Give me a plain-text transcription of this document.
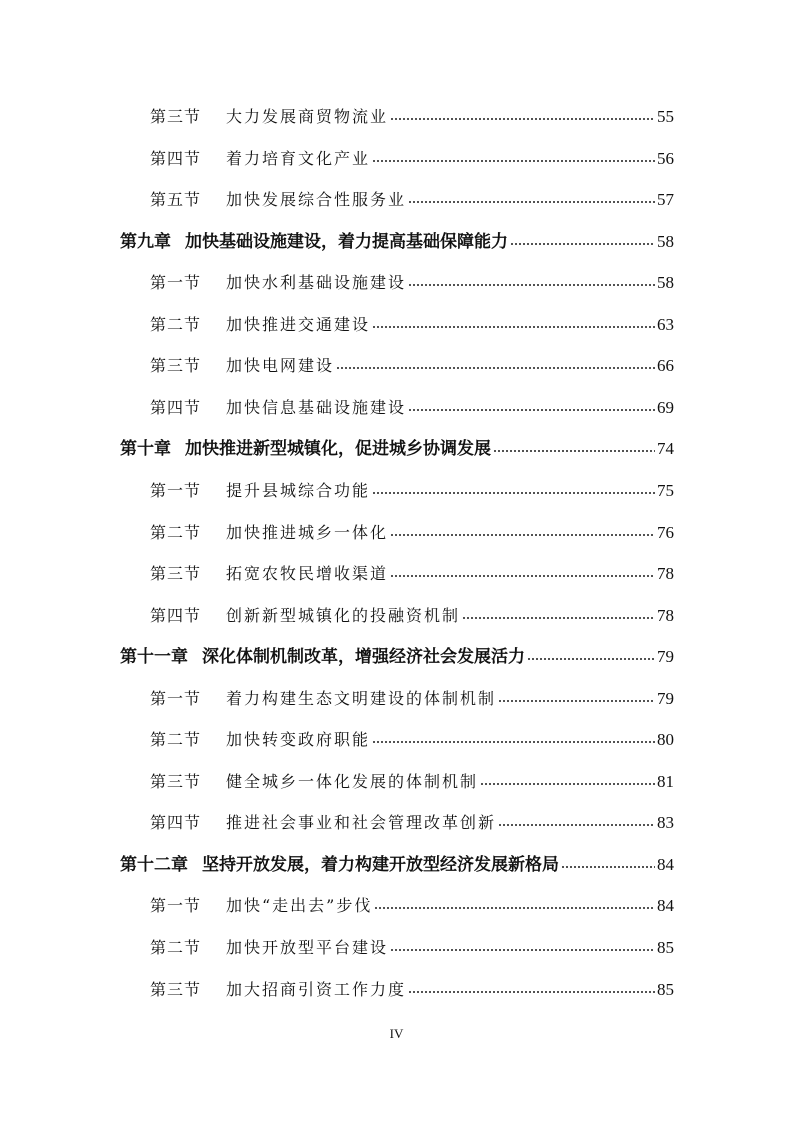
第三节	大力发展商贸物流业	55
第四节	着力培育文化产业	56
第五节	加快发展综合性服务业	57
第九章 加快基础设施建设，着力提高基础保障能力	58
第一节	加快水利基础设施建设	58
第二节	加快推进交通建设	63
第三节	加快电网建设	66
第四节	加快信息基础设施建设	69
第十章 加快推进新型城镇化，促进城乡协调发展	74
第一节	提升县城综合功能	75
第二节	加快推进城乡一体化	76
第三节	拓宽农牧民增收渠道	78
第四节	创新新型城镇化的投融资机制	78
第十一章 深化体制机制改革，增强经济社会发展活力	79
第一节	着力构建生态文明建设的体制机制	79
第二节	加快转变政府职能	80
第三节	健全城乡一体化发展的体制机制	81
第四节	推进社会事业和社会管理改革创新	83
第十二章 坚持开放发展，着力构建开放型经济发展新格局	84
第一节	加快“走出去”步伐	84
第二节	加快开放型平台建设	85
第三节	加大招商引资工作力度	85
IV
